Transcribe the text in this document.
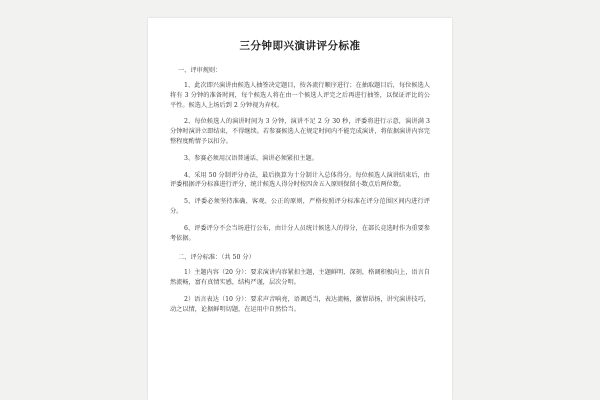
三分钟即兴演讲评分标准
一、评审规则：
1、此次即兴演讲由候选人抽签决定题目，按各流行顺序进行；在抽取题目后，每位候选人将有 3 分钟的准备时间，每个候选人将在由一个候选人评完之后再进行抽签，以保证评比的公平性。候选人上场后到 2 分钟视为弃权。
2、每位候选人的演讲时间为 3 分钟，演讲不足 2 分 30 秒，评委将进行示意，演讲满 3 分钟时演讲立即结束，不得继续。若参赛候选人在规定时间内不能完成演讲，将依据演讲内容完整程度酌情予以扣分。
3、参赛必须用汉语普通话，演讲必须紧扣主题。
4、采用 50 分制评分办法，最后换算为十分制计入总体得分。每位候选人演讲结束后，由评委根据评分标准进行评分，统计候选人得分时按四舍五入原则保留小数点后两位数。
5、评委必须坚持准确、客观、公正的原则，严格按照评分标准在评分范围区间内进行评分。
6、评委评分不会当场进行公布，由计分人员统计候选人的得分，在部长竞选时作为重要参考依据。
二、评分标准：（共 50 分）
1）主题内容（20 分）：要求演讲内容紧扣主题，主题鲜明、深刻，格调积极向上，语言自然流畅，富有真情实感，结构严谨，层次分明。
2）语言表达（10 分）：要求声音响亮，语调适当，表达流畅，激情昂扬，讲究演讲技巧，动之以情，论据鲜明切题，在运用中自然恰当。
